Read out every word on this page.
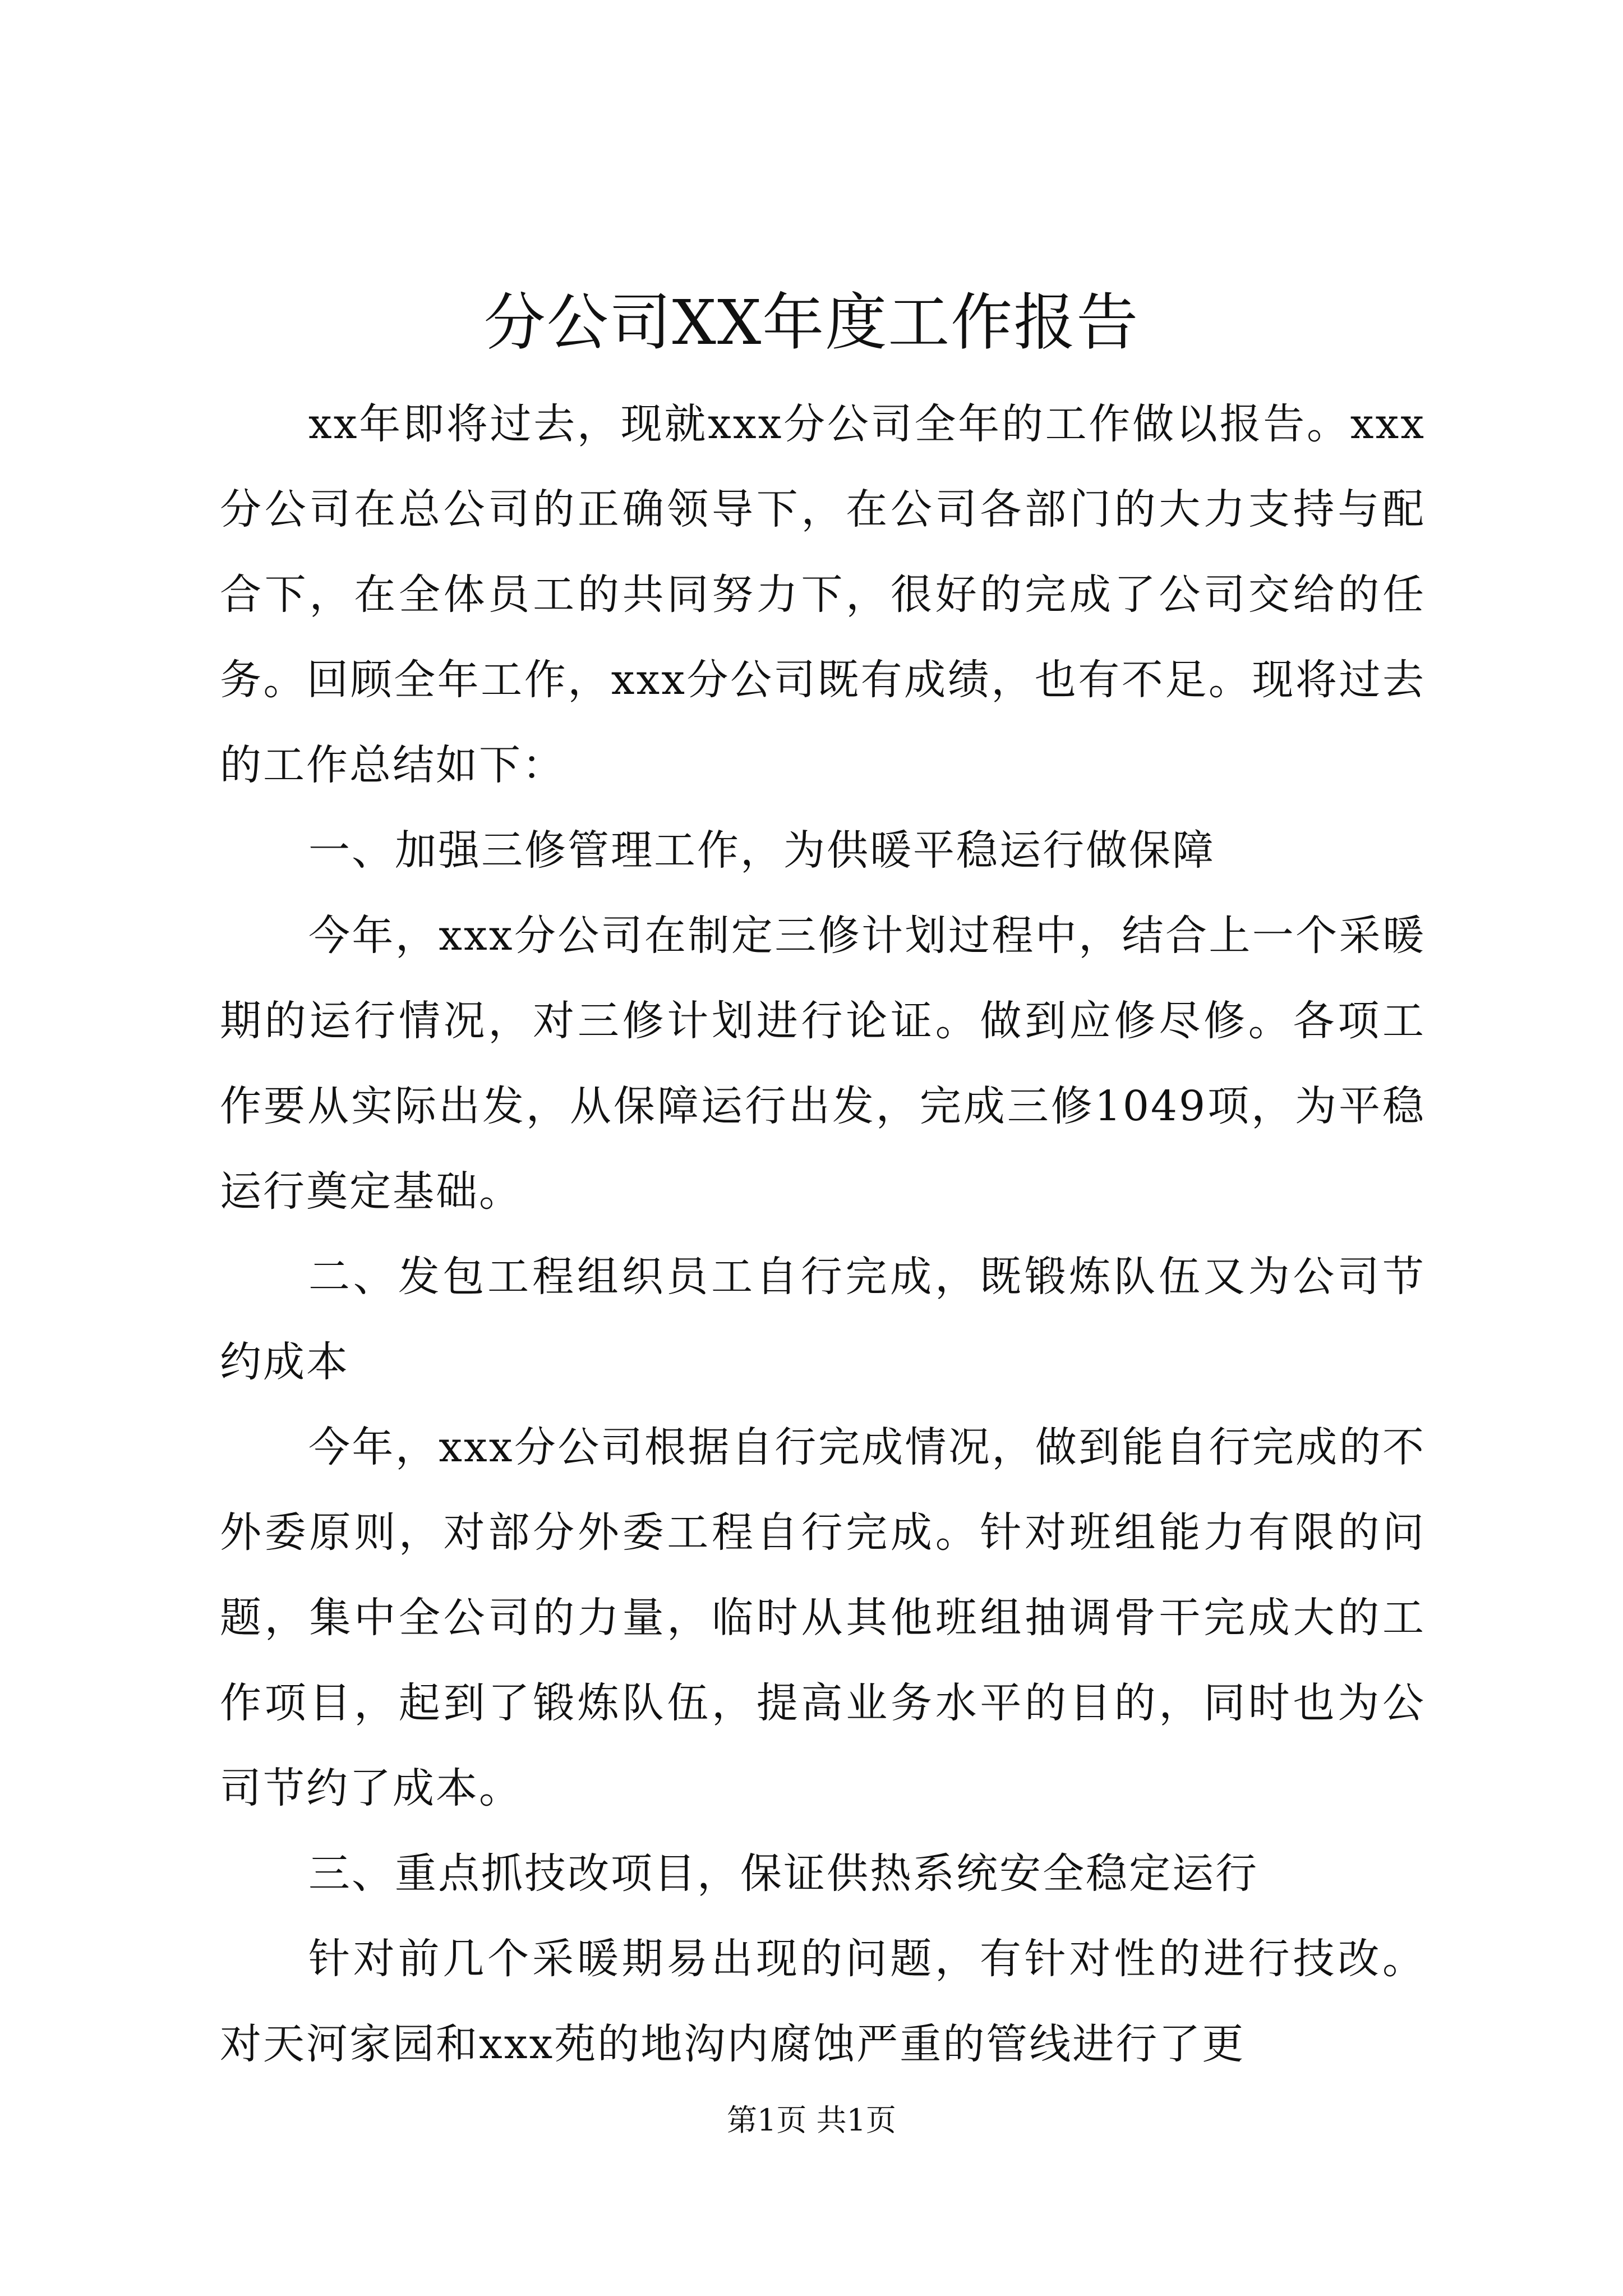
分公司XX年度工作报告

xx年即将过去，现就xxx分公司全年的工作做以报告。xxx分公司在总公司的正确领导下，在公司各部门的大力支持与配合下，在全体员工的共同努力下，很好的完成了公司交给的任务。回顾全年工作，xxx分公司既有成绩，也有不足。现将过去的工作总结如下：

一、加强三修管理工作，为供暖平稳运行做保障

今年，xxx分公司在制定三修计划过程中，结合上一个采暖期的运行情况，对三修计划进行论证。做到应修尽修。各项工作要从实际出发，从保障运行出发，完成三修1049项，为平稳运行奠定基础。

二、发包工程组织员工自行完成，既锻炼队伍又为公司节约成本

今年，xxx分公司根据自行完成情况，做到能自行完成的不外委原则，对部分外委工程自行完成。针对班组能力有限的问题，集中全公司的力量，临时从其他班组抽调骨干完成大的工作项目，起到了锻炼队伍，提高业务水平的目的，同时也为公司节约了成本。

三、重点抓技改项目，保证供热系统安全稳定运行

针对前几个采暖期易出现的问题，有针对性的进行技改。对天河家园和xxx苑的地沟内腐蚀严重的管线进行了更

第1页 共1页
